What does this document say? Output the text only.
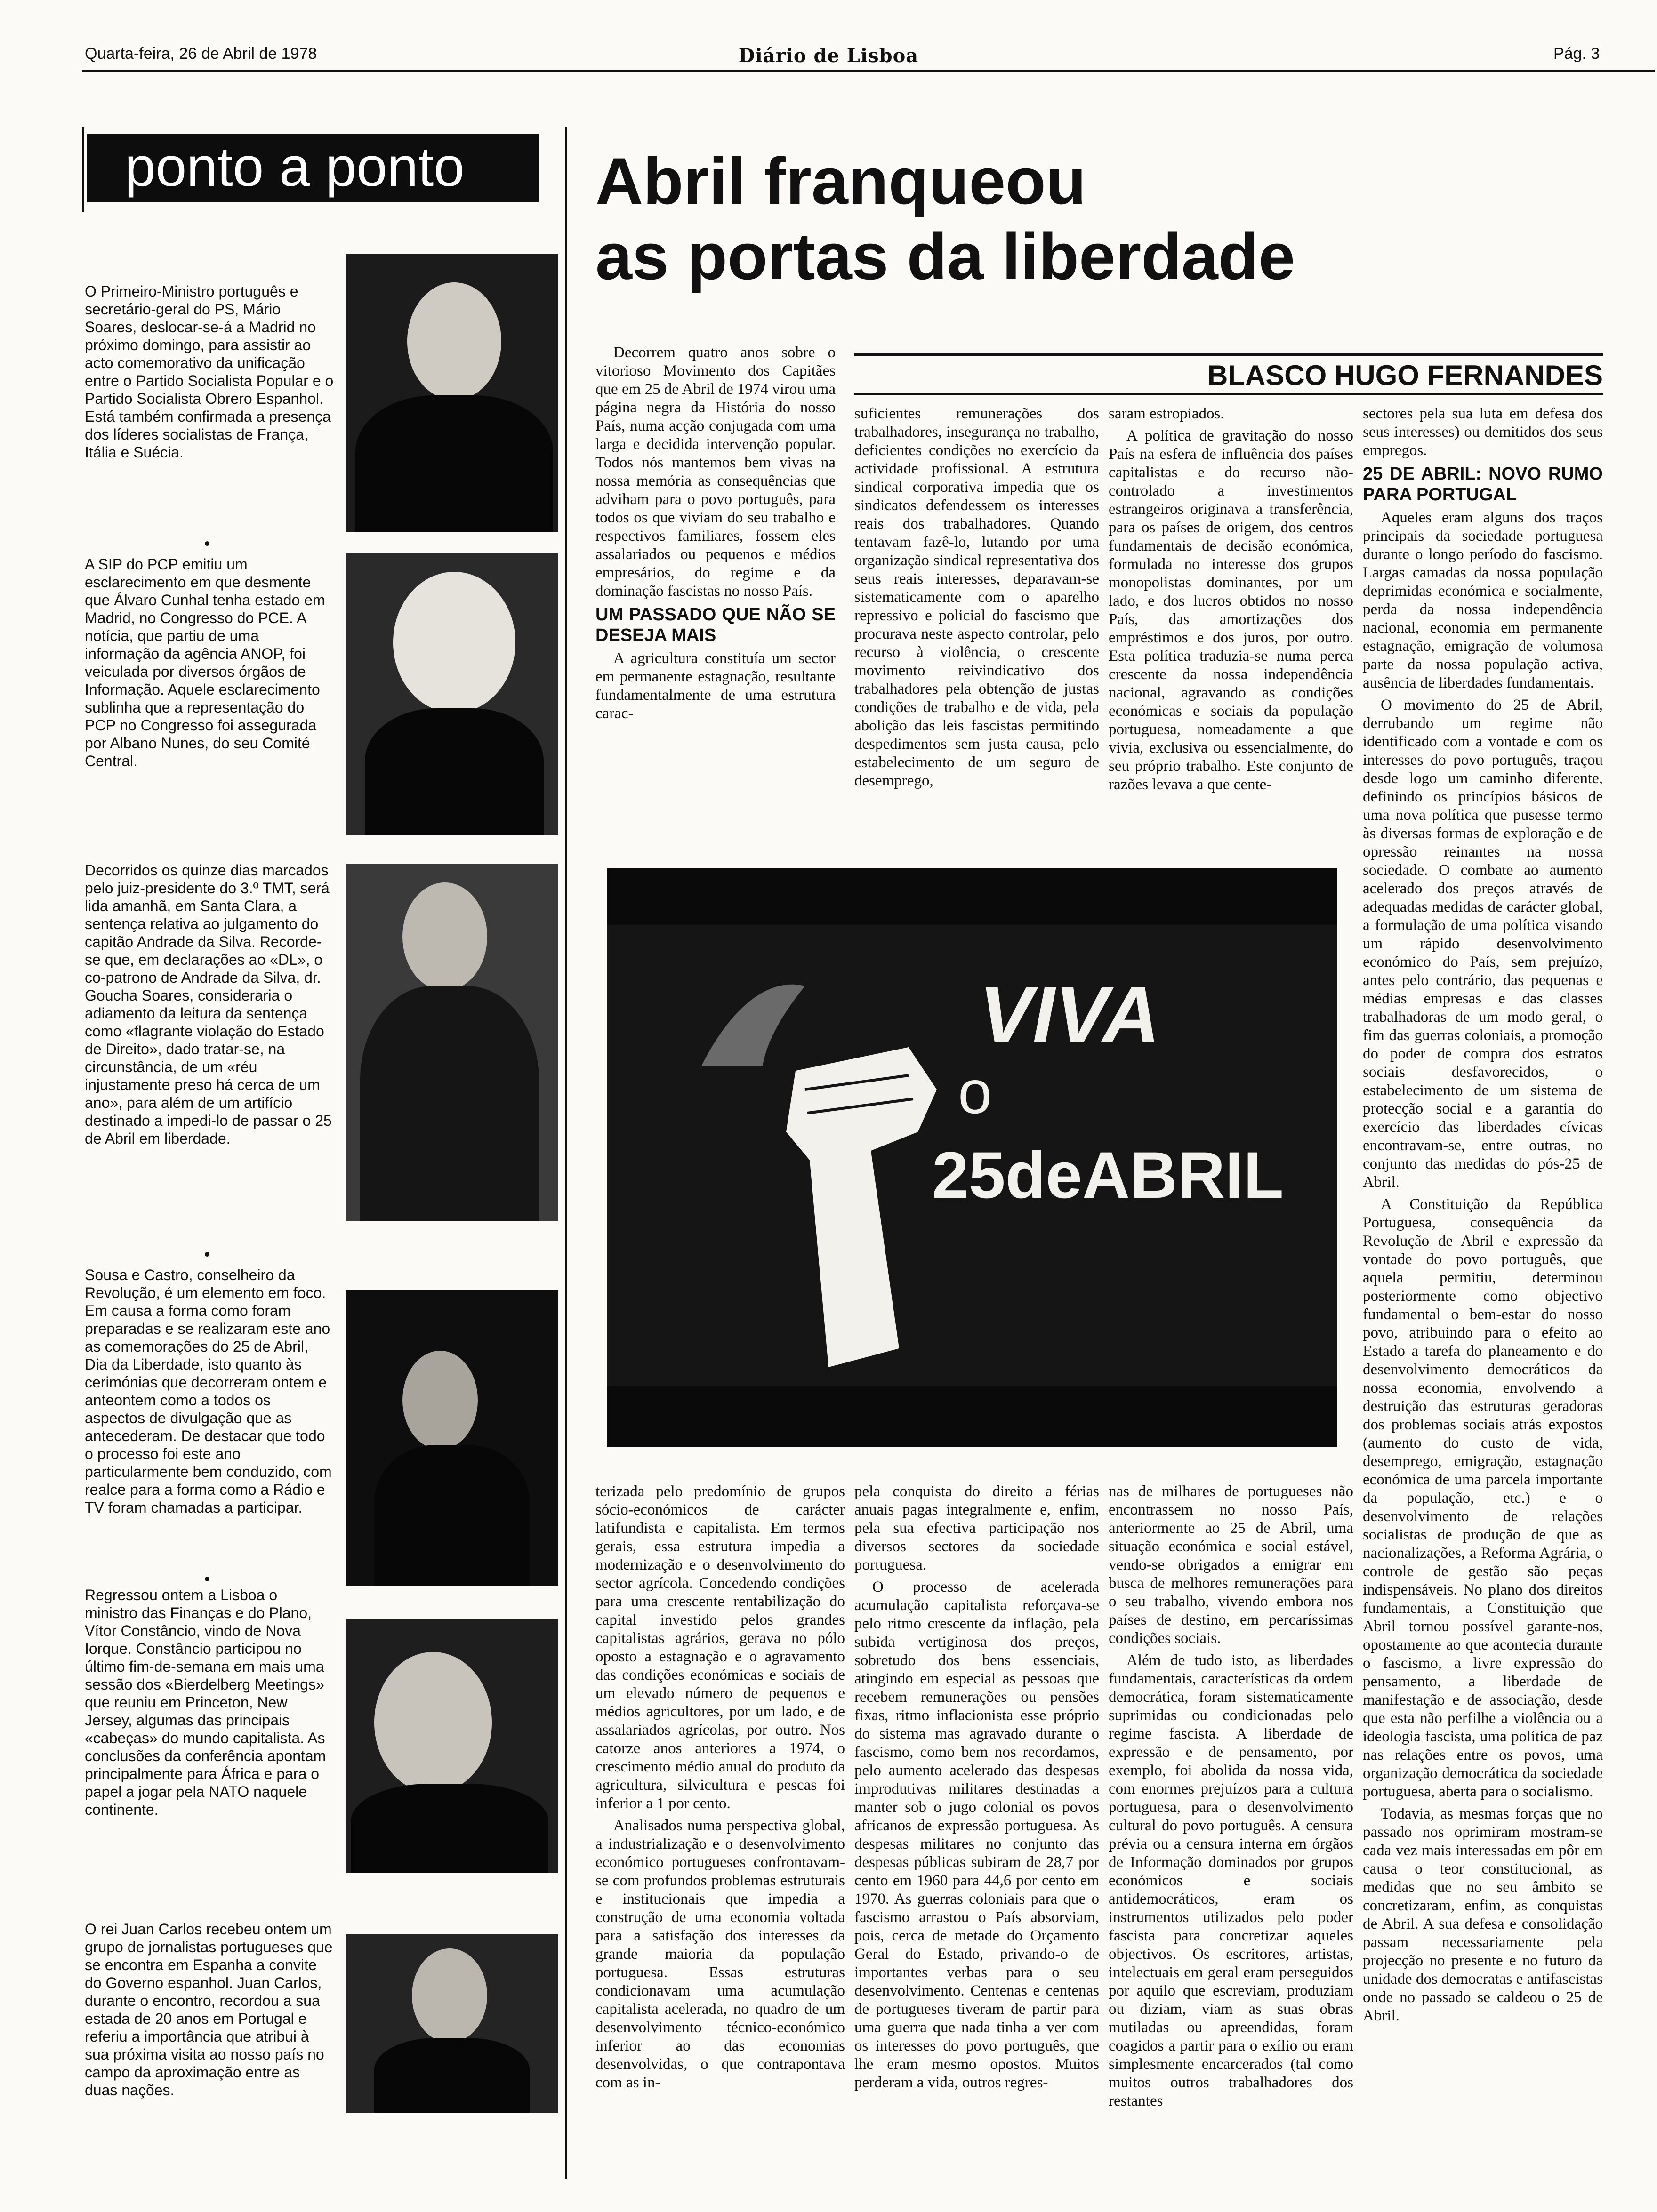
Quarta-feira, 26 de Abril de 1978	Diário de Lisboa	Pág. 3
ponto a ponto

O Primeiro-Ministro português e secretário-geral do PS, Mário Soares, deslocar-se-á a Madrid no próximo domingo, para assistir ao acto comemorativo da unificação entre o Partido Socialista Popular e o Partido Socialista Obrero Espanhol. Está também confirmada a presença dos líderes socialistas de França, Itália e Suécia.

•

A SIP do PCP emitiu um esclarecimento em que desmente que Álvaro Cunhal tenha estado em Madrid, no Congresso do PCE. A notícia, que partiu de uma informação da agência ANOP, foi veiculada por diversos órgãos de Informação. Aquele esclarecimento sublinha que a representação do PCP no Congresso foi assegurada por Albano Nunes, do seu Comité Central.

Decorridos os quinze dias marcados pelo juiz-presidente do 3.º TMT, será lida amanhã, em Santa Clara, a sentença relativa ao julgamento do capitão Andrade da Silva. Recorde-se que, em declarações ao «DL», o co-patrono de Andrade da Silva, dr. Goucha Soares, consideraria o adiamento da leitura da sentença como «flagrante violação do Estado de Direito», dado tratar-se, na circunstância, de um «réu injustamente preso há cerca de um ano», para além de um artifício destinado a impedi-lo de passar o 25 de Abril em liberdade.

•

Sousa e Castro, conselheiro da Revolução, é um elemento em foco. Em causa a forma como foram preparadas e se realizaram este ano as comemorações do 25 de Abril, Dia da Liberdade, isto quanto às cerimónias que decorreram ontem e anteontem como a todos os aspectos de divulgação que as antecederam. De destacar que todo o processo foi este ano particularmente bem conduzido, com realce para a forma como a Rádio e TV foram chamadas a participar.

•

Regressou ontem a Lisboa o ministro das Finanças e do Plano, Vítor Constâncio, vindo de Nova Iorque. Constâncio participou no último fim-de-semana em mais uma sessão dos «Bierdelberg Meetings» que reuniu em Princeton, New Jersey, algumas das principais «cabeças» do mundo capitalista. As conclusões da conferência apontam principalmente para África e para o papel a jogar pela NATO naquele continente.

O rei Juan Carlos recebeu ontem um grupo de jornalistas portugueses que se encontra em Espanha a convite do Governo espanhol. Juan Carlos, durante o encontro, recordou a sua estada de 20 anos em Portugal e referiu a importância que atribui à sua próxima visita ao nosso país no campo da aproximação entre as duas nações.

Abril franqueou
as portas da liberdade
BLASCO HUGO FERNANDES

Decorrem quatro anos sobre o vitorioso Movimento dos Capitães que em 25 de Abril de 1974 virou uma página negra da História do nosso País, numa acção conjugada com uma larga e decidida intervenção popular. Todos nós mantemos bem vivas na nossa memória as consequências que adviham para o povo português, para todos os que viviam do seu trabalho e respectivos familiares, fossem eles assalariados ou pequenos e médios empresários, do regime e da dominação fascistas no nosso País.

UM PASSADO QUE NÃO SE DESEJA MAIS

A agricultura constituía um sector em permanente estagnação, resultante fundamentalmente de uma estrutura carac-

suficientes remunerações dos trabalhadores, insegurança no trabalho, deficientes condições no exercício da actividade profissional. A estrutura sindical corporativa impedia que os sindicatos defendessem os interesses reais dos trabalhadores. Quando tentavam fazê-lo, lutando por uma organização sindical representativa dos seus reais interesses, deparavam-se sistematicamente com o aparelho repressivo e policial do fascismo que procurava neste aspecto controlar, pelo recurso à violência, o crescente movimento reivindicativo dos trabalhadores pela obtenção de justas condições de trabalho e de vida, pela abolição das leis fascistas permitindo despedimentos sem justa causa, pelo estabelecimento de um seguro de desemprego,

saram estropiados.

A política de gravitação do nosso País na esfera de influência dos países capitalistas e do recurso não-controlado a investimentos estrangeiros originava a transferência, para os países de origem, dos centros fundamentais de decisão económica, formulada no interesse dos grupos monopolistas dominantes, por um lado, e dos lucros obtidos no nosso País, das amortizações dos empréstimos e dos juros, por outro. Esta política traduzia-se numa perca crescente da nossa independência nacional, agravando as condições económicas e sociais da população portuguesa, nomeadamente a que vivia, exclusiva ou essencialmente, do seu próprio trabalho. Este conjunto de razões levava a que cente-

sectores pela sua luta em defesa dos seus interesses) ou demitidos dos seus empregos.

25 DE ABRIL: NOVO RUMO PARA PORTUGAL

Aqueles eram alguns dos traços principais da sociedade portuguesa durante o longo período do fascismo. Largas camadas da nossa população deprimidas económica e socialmente, perda da nossa independência nacional, economia em permanente estagnação, emigração de volumosa parte da nossa população activa, ausência de liberdades fundamentais.

O movimento do 25 de Abril, derrubando um regime não identificado com a vontade e com os interesses do povo português, traçou desde logo um caminho diferente, definindo os princípios básicos de uma nova política que pusesse termo às diversas formas de exploração e de opressão reinantes na nossa sociedade. O combate ao aumento acelerado dos preços através de adequadas medidas de carácter global, a formulação de uma política visando um rápido desenvolvimento económico do País, sem prejuízo, antes pelo contrário, das pequenas e médias empresas e das classes trabalhadoras de um modo geral, o fim das guerras coloniais, a promoção do poder de compra dos estratos sociais desfavorecidos, o estabelecimento de um sistema de protecção social e a garantia do exercício das liberdades cívicas encontravam-se, entre outras, no conjunto das medidas do pós-25 de Abril.

A Constituição da República Portuguesa, consequência da Revolução de Abril e expressão da vontade do povo português, que aquela permitiu, determinou posteriormente como objectivo fundamental o bem-estar do nosso povo, atribuindo para o efeito ao Estado a tarefa do planeamento e do desenvolvimento democráticos da nossa economia, envolvendo a destruição das estruturas geradoras dos problemas sociais atrás expostos (aumento do custo de vida, desemprego, emigração, estagnação económica de uma parcela importante da população, etc.) e o desenvolvimento de relações socialistas de produção de que as nacionalizações, a Reforma Agrária, o controle de gestão são peças indispensáveis. No plano dos direitos fundamentais, a Constituição que Abril tornou possível garante-nos, opostamente ao que acontecia durante o fascismo, a livre expressão do pensamento, a liberdade de manifestação e de associação, desde que esta não perfilhe a violência ou a ideologia fascista, uma política de paz nas relações entre os povos, uma organização democrática da sociedade portuguesa, aberta para o socialismo.

Todavia, as mesmas forças que no passado nos oprimiram mostram-se cada vez mais interessadas em pôr em causa o teor constitucional, as medidas que no seu âmbito se concretizaram, enfim, as conquistas de Abril. A sua defesa e consolidação passam necessariamente pela projecção no presente e no futuro da unidade dos democratas e antifascistas onde no passado se caldeou o 25 de Abril.

VIVA
o
25deABRIL

terizada pelo predomínio de grupos sócio-económicos de carácter latifundista e capitalista. Em termos gerais, essa estrutura impedia a modernização e o desenvolvimento do sector agrícola. Concedendo condições para uma crescente rentabilização do capital investido pelos grandes capitalistas agrários, gerava no pólo oposto a estagnação e o agravamento das condições económicas e sociais de um elevado número de pequenos e médios agricultores, por um lado, e de assalariados agrícolas, por outro. Nos catorze anos anteriores a 1974, o crescimento médio anual do produto da agricultura, silvicultura e pescas foi inferior a 1 por cento.

Analisados numa perspectiva global, a industrialização e o desenvolvimento económico portugueses confrontavam-se com profundos problemas estruturais e institucionais que impedia a construção de uma economia voltada para a satisfação dos interesses da grande maioria da população portuguesa. Essas estruturas condicionavam uma acumulação capitalista acelerada, no quadro de um desenvolvimento técnico-económico inferior ao das economias desenvolvidas, o que contrapontava com as in-

pela conquista do direito a férias anuais pagas integralmente e, enfim, pela sua efectiva participação nos diversos sectores da sociedade portuguesa.

O processo de acelerada acumulação capitalista reforçava-se pelo ritmo crescente da inflação, pela subida vertiginosa dos preços, sobretudo dos bens essenciais, atingindo em especial as pessoas que recebem remunerações ou pensões fixas, ritmo inflacionista esse próprio do sistema mas agravado durante o fascismo, como bem nos recordamos, pelo aumento acelerado das despesas improdutivas militares destinadas a manter sob o jugo colonial os povos africanos de expressão portuguesa. As despesas militares no conjunto das despesas públicas subiram de 28,7 por cento em 1960 para 44,6 por cento em 1970. As guerras coloniais para que o fascismo arrastou o País absorviam, pois, cerca de metade do Orçamento Geral do Estado, privando-o de importantes verbas para o seu desenvolvimento. Centenas e centenas de portugueses tiveram de partir para uma guerra que nada tinha a ver com os interesses do povo português, que lhe eram mesmo opostos. Muitos perderam a vida, outros regres-

nas de milhares de portugueses não encontrassem no nosso País, anteriormente ao 25 de Abril, uma situação económica e social estável, vendo-se obrigados a emigrar em busca de melhores remunerações para o seu trabalho, vivendo embora nos países de destino, em percaríssimas condições sociais.

Além de tudo isto, as liberdades fundamentais, características da ordem democrática, foram sistematicamente suprimidas ou condicionadas pelo regime fascista. A liberdade de expressão e de pensamento, por exemplo, foi abolida da nossa vida, com enormes prejuízos para a cultura portuguesa, para o desenvolvimento cultural do povo português. A censura prévia ou a censura interna em órgãos de Informação dominados por grupos económicos e sociais antidemocráticos, eram os instrumentos utilizados pelo poder fascista para concretizar aqueles objectivos. Os escritores, artistas, intelectuais em geral eram perseguidos por aquilo que escreviam, produziam ou diziam, viam as suas obras mutiladas ou apreendidas, foram coagidos a partir para o exílio ou eram simplesmente encarcerados (tal como muitos outros trabalhadores dos restantes
